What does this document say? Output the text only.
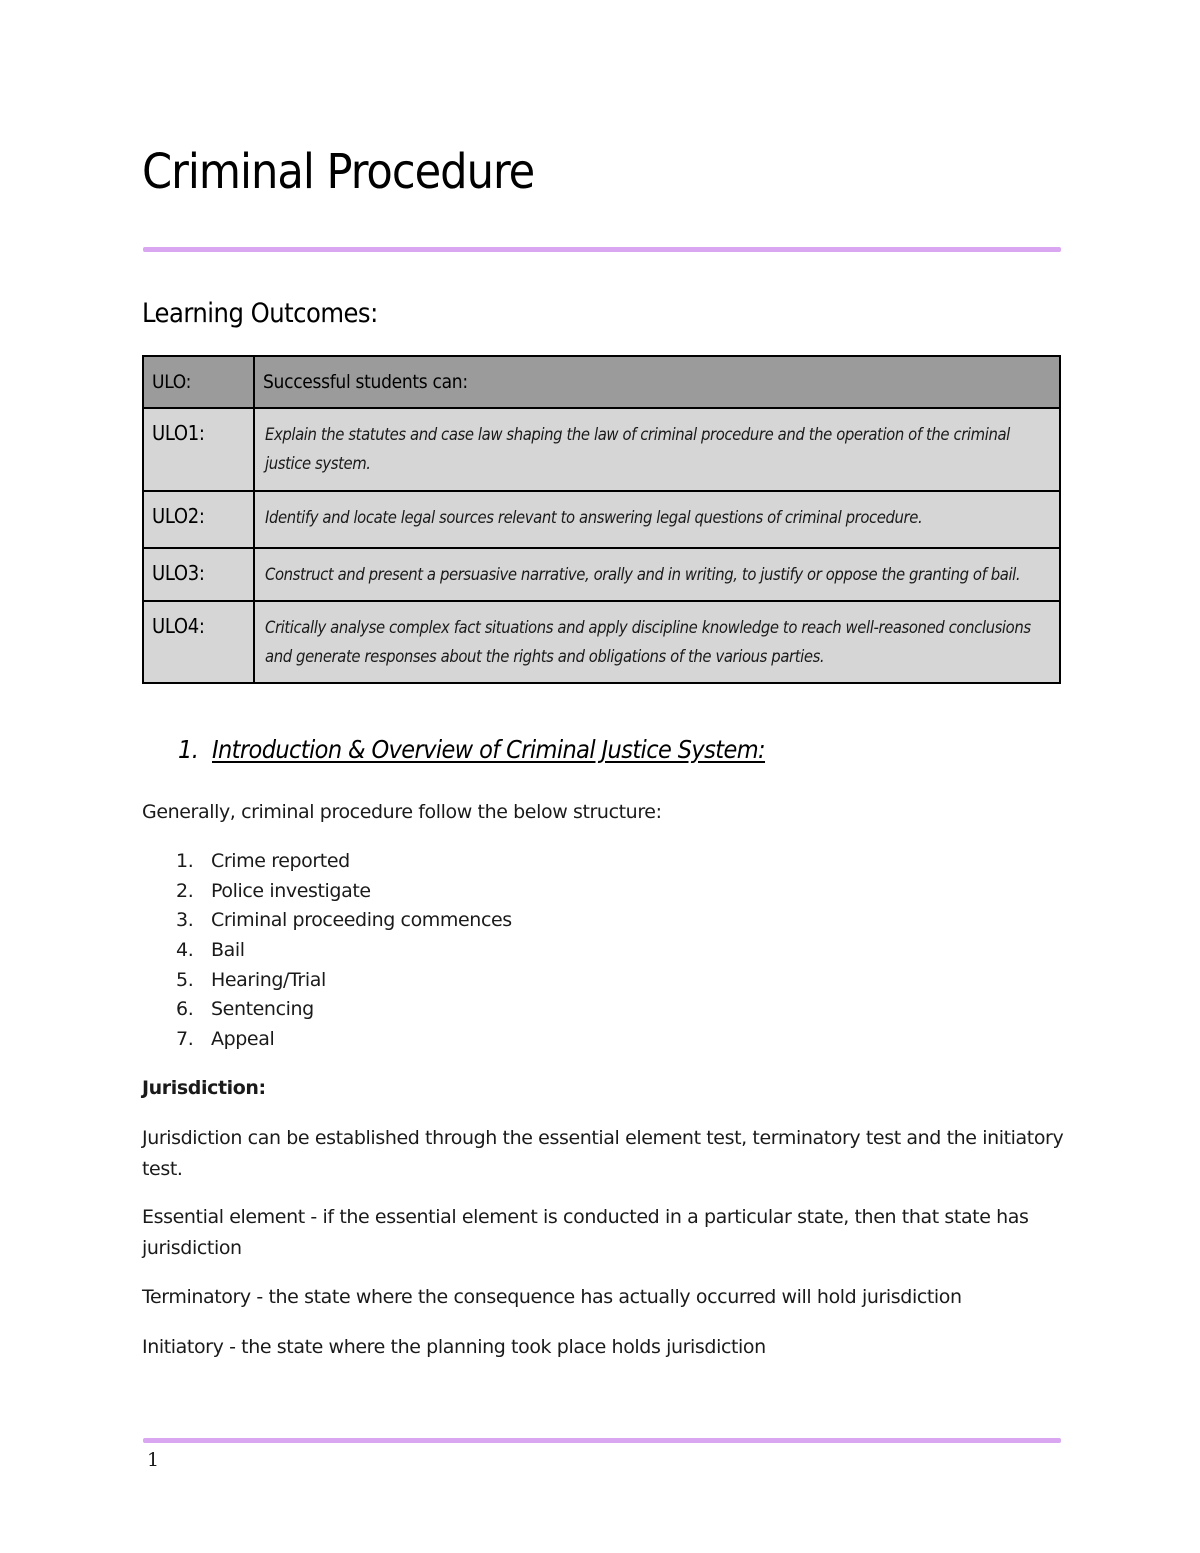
Criminal Procedure
Learning Outcomes:
ULO:	Successful students can:
ULO1:	Explain the statutes and case law shaping the law of criminal procedure and the operation of the criminal justice system.
ULO2:	Identify and locate legal sources relevant to answering legal questions of criminal procedure.
ULO3:	Construct and present a persuasive narrative, orally and in writing, to justify or oppose the granting of bail.
ULO4:	Critically analyse complex fact situations and apply discipline knowledge to reach well-reasoned conclusions and generate responses about the rights and obligations of the various parties.
1. Introduction & Overview of Criminal Justice System:

Generally, criminal procedure follow the below structure:

1. Crime reported
2. Police investigate
3. Criminal proceeding commences
4. Bail
5. Hearing/Trial
6. Sentencing
7. Appeal

Jurisdiction:

Jurisdiction can be established through the essential element test, terminatory test and the initiatory test.

Essential element - if the essential element is conducted in a particular state, then that state has jurisdiction

Terminatory - the state where the consequence has actually occurred will hold jurisdiction

Initiatory - the state where the planning took place holds jurisdiction

1
